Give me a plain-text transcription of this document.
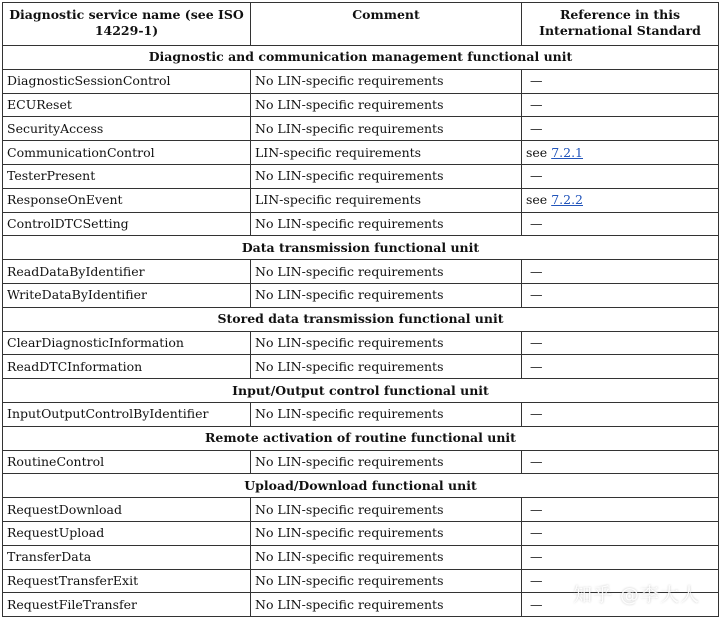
Diagnostic service name (see ISO 14229-1)	Comment	Reference in this International Standard
Diagnostic and communication management functional unit		
DiagnosticSessionControl	No LIN-specific requirements	—
ECUReset	No LIN-specific requirements	—
SecurityAccess	No LIN-specific requirements	—
CommunicationControl	LIN-specific requirements	see 7.2.1
TesterPresent	No LIN-specific requirements	—
ResponseOnEvent	LIN-specific requirements	see 7.2.2
ControlDTCSetting	No LIN-specific requirements	—
Data transmission functional unit		
ReadDataByIdentifier	No LIN-specific requirements	—
WriteDataByIdentifier	No LIN-specific requirements	—
Stored data transmission functional unit		
ClearDiagnosticInformation	No LIN-specific requirements	—
ReadDTCInformation	No LIN-specific requirements	—
Input/Output control functional unit		
InputOutputControlByIdentifier	No LIN-specific requirements	—
Remote activation of routine functional unit		
RoutineControl	No LIN-specific requirements	—
Upload/Download functional unit		
RequestDownload	No LIN-specific requirements	—
RequestUpload	No LIN-specific requirements	—
TransferData	No LIN-specific requirements	—
RequestTransferExit	No LIN-specific requirements	—
RequestFileTransfer	No LIN-specific requirements	— 知乎 @李大人
